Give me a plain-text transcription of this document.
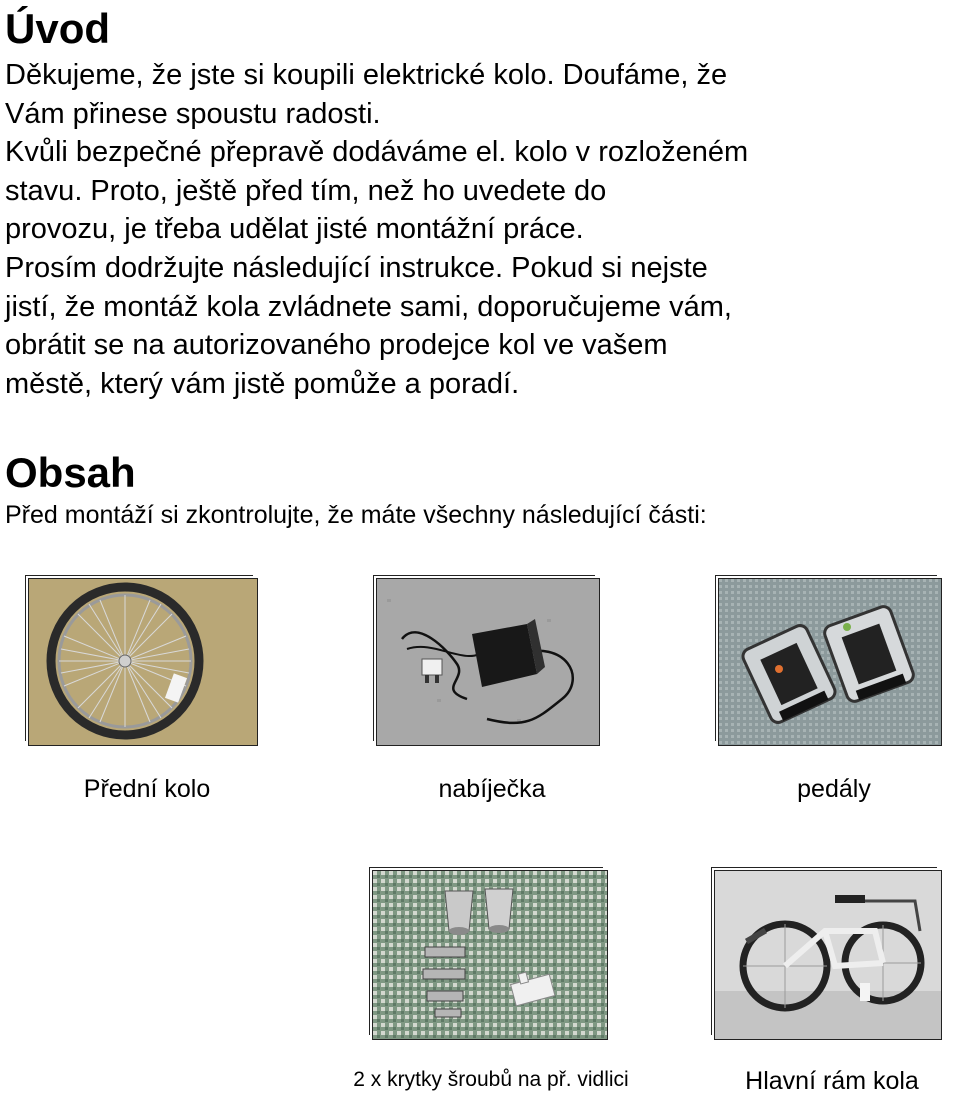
Úvod
Děkujeme, že jste si koupili elektrické kolo. Doufáme, že
Vám přinese spoustu radosti.
Kvůli bezpečné přepravě dodáváme el. kolo v rozloženém
stavu. Proto, ještě před tím, než ho uvedete do
provozu, je třeba udělat jisté montážní práce.
Prosím dodržujte následující instrukce. Pokud si nejste
jistí, že montáž kola zvládnete sami, doporučujeme vám,
obrátit se na autorizovaného prodejce kol ve vašem
městě, který vám jistě pomůže a poradí.
Obsah
Před montáží si zkontrolujte, že máte všechny následující části:
Přední kolo	nabíječka	pedály
2 x krytky šroubů na př. vidlici	Hlavní rám kola
